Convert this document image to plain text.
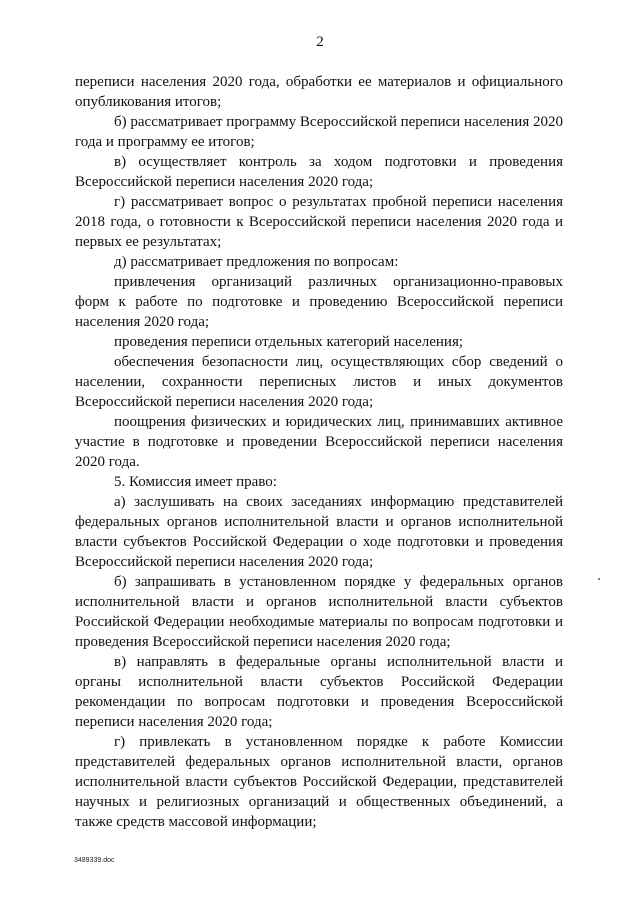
2

переписи населения 2020 года, обработки ее материалов и официального опубликования итогов;

б) рассматривает программу Всероссийской переписи населения 2020 года и программу ее итогов;

в) осуществляет контроль за ходом подготовки и проведения Всероссийской переписи населения 2020 года;

г) рассматривает вопрос о результатах пробной переписи населения 2018 года, о готовности к Всероссийской переписи населения 2020 года и первых ее результатах;

д) рассматривает предложения по вопросам:

привлечения организаций различных организационно-правовых форм к работе по подготовке и проведению Всероссийской переписи населения 2020 года;

проведения переписи отдельных категорий населения;

обеспечения безопасности лиц, осуществляющих сбор сведений о населении, сохранности переписных листов и иных документов Всероссийской переписи населения 2020 года;

поощрения физических и юридических лиц, принимавших активное участие в подготовке и проведении Всероссийской переписи населения 2020 года.

5. Комиссия имеет право:

а) заслушивать на своих заседаниях информацию представителей федеральных органов исполнительной власти и органов исполнительной власти субъектов Российской Федерации о ходе подготовки и проведения Всероссийской переписи населения 2020 года;

б) запрашивать в установленном порядке у федеральных органов исполнительной власти и органов исполнительной власти субъектов Российской Федерации необходимые материалы по вопросам подготовки и проведения Всероссийской переписи населения 2020 года;

в) направлять в федеральные органы исполнительной власти и органы исполнительной власти субъектов Российской Федерации рекомендации по вопросам подготовки и проведения Всероссийской переписи населения 2020 года;

г) привлекать в установленном порядке к работе Комиссии представителей федеральных органов исполнительной власти, органов исполнительной власти субъектов Российской Федерации, представителей научных и религиозных организаций и общественных объединений, а также средств массовой информации;

3489339.doc
